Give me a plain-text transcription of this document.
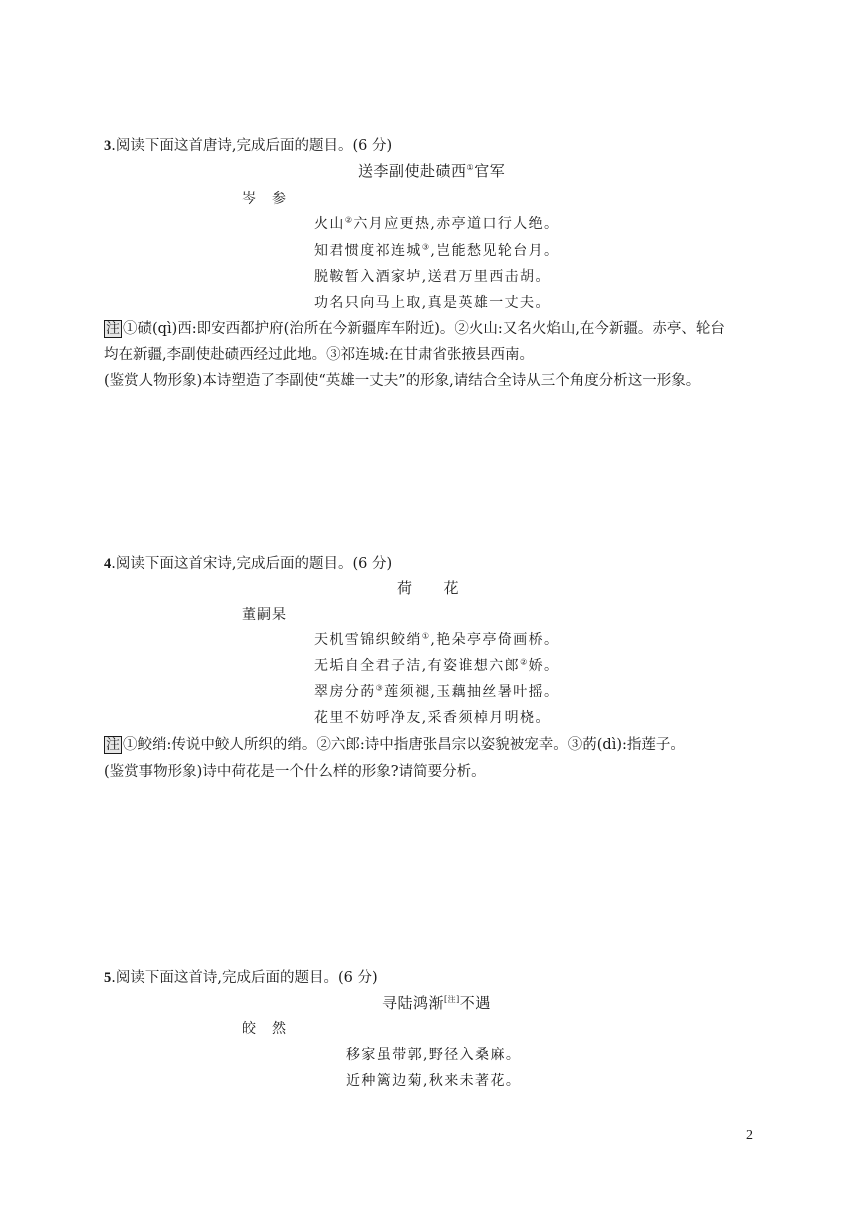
3.阅读下面这首唐诗,完成后面的题目。(6 分)
送李副使赴碛西①官军
岑　参
火山②六月应更热,赤亭道口行人绝。
知君惯度祁连城③,岂能愁见轮台月。
脱鞍暂入酒家垆,送君万里西击胡。
功名只向马上取,真是英雄一丈夫。
注 ①碛(qì)西:即安西都护府(治所在今新疆库车附近)。②火山:又名火焰山,在今新疆。赤亭、轮台
均在新疆,李副使赴碛西经过此地。③祁连城:在甘肃省张掖县西南。
(鉴赏人物形象)本诗塑造了李副使“英雄一丈夫”的形象,请结合全诗从三个角度分析这一形象。
4.阅读下面这首宋诗,完成后面的题目。(6 分)
荷　　花
董嗣杲
天机雪锦织鲛绡①,艳朵亭亭倚画桥。
无垢自全君子洁,有姿谁想六郎②娇。
翠房分菂③莲须褪,玉藕抽丝暑叶摇。
花里不妨呼净友,采香须棹月明桡。
注 ①鲛绡:传说中鲛人所织的绡。②六郎:诗中指唐张昌宗以姿貌被宠幸。③菂(dì):指莲子。
(鉴赏事物形象)诗中荷花是一个什么样的形象?请简要分析。
5.阅读下面这首诗,完成后面的题目。(6 分)
寻陆鸿渐[注]不遇
皎　然
移家虽带郭,野径入桑麻。
近种篱边菊,秋来未著花。
2
